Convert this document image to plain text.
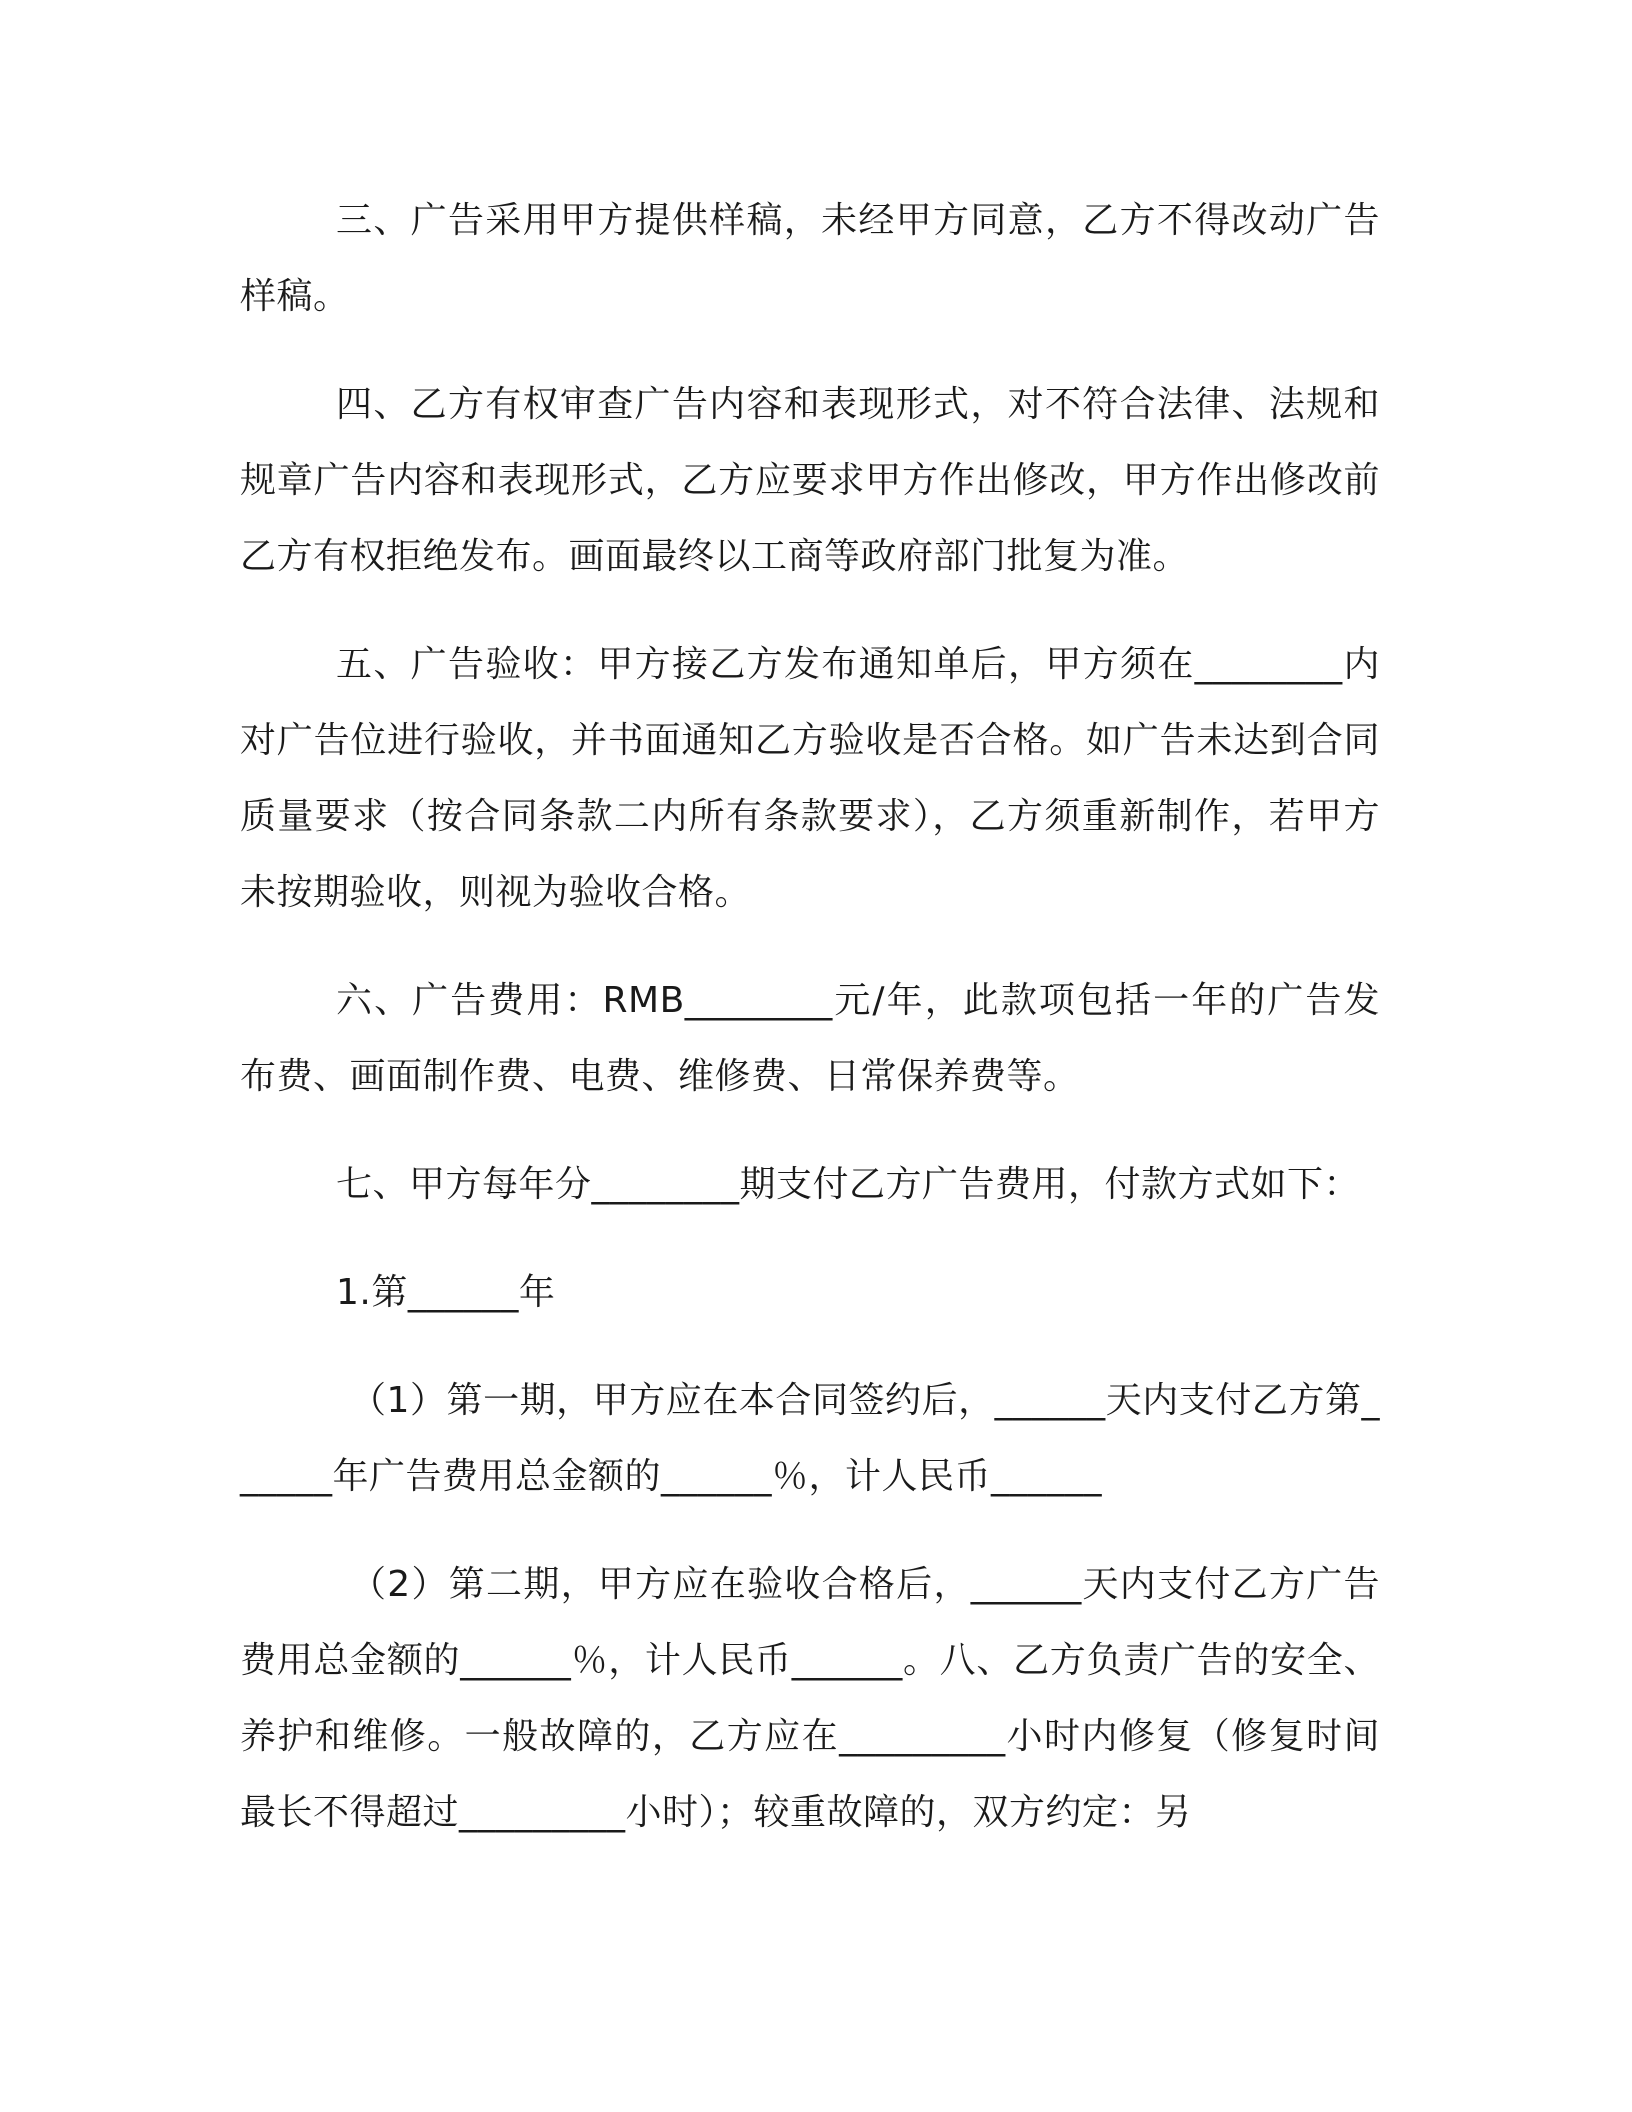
三、广告采用甲方提供样稿，未经甲方同意，乙方不得改动广告样稿。

四、乙方有权审查广告内容和表现形式，对不符合法律、法规和规章广告内容和表现形式，乙方应要求甲方作出修改，甲方作出修改前乙方有权拒绝发布。画面最终以工商等政府部门批复为准。

五、广告验收：甲方接乙方发布通知单后，甲方须在________内对广告位进行验收，并书面通知乙方验收是否合格。如广告未达到合同质量要求（按合同条款二内所有条款要求），乙方须重新制作，若甲方未按期验收，则视为验收合格。

六、广告费用：RMB________元/年，此款项包括一年的广告发布费、画面制作费、电费、维修费、日常保养费等。

七、甲方每年分________期支付乙方广告费用，付款方式如下：

1.第______年

（1）第一期，甲方应在本合同签约后，______天内支付乙方第______年广告费用总金额的______％，计人民币______

（2）第二期，甲方应在验收合格后，______天内支付乙方广告费用总金额的______％，计人民币______。八、乙方负责广告的安全、养护和维修。一般故障的，乙方应在_________小时内修复（修复时间最长不得超过_________小时）；较重故障的，双方约定：另
